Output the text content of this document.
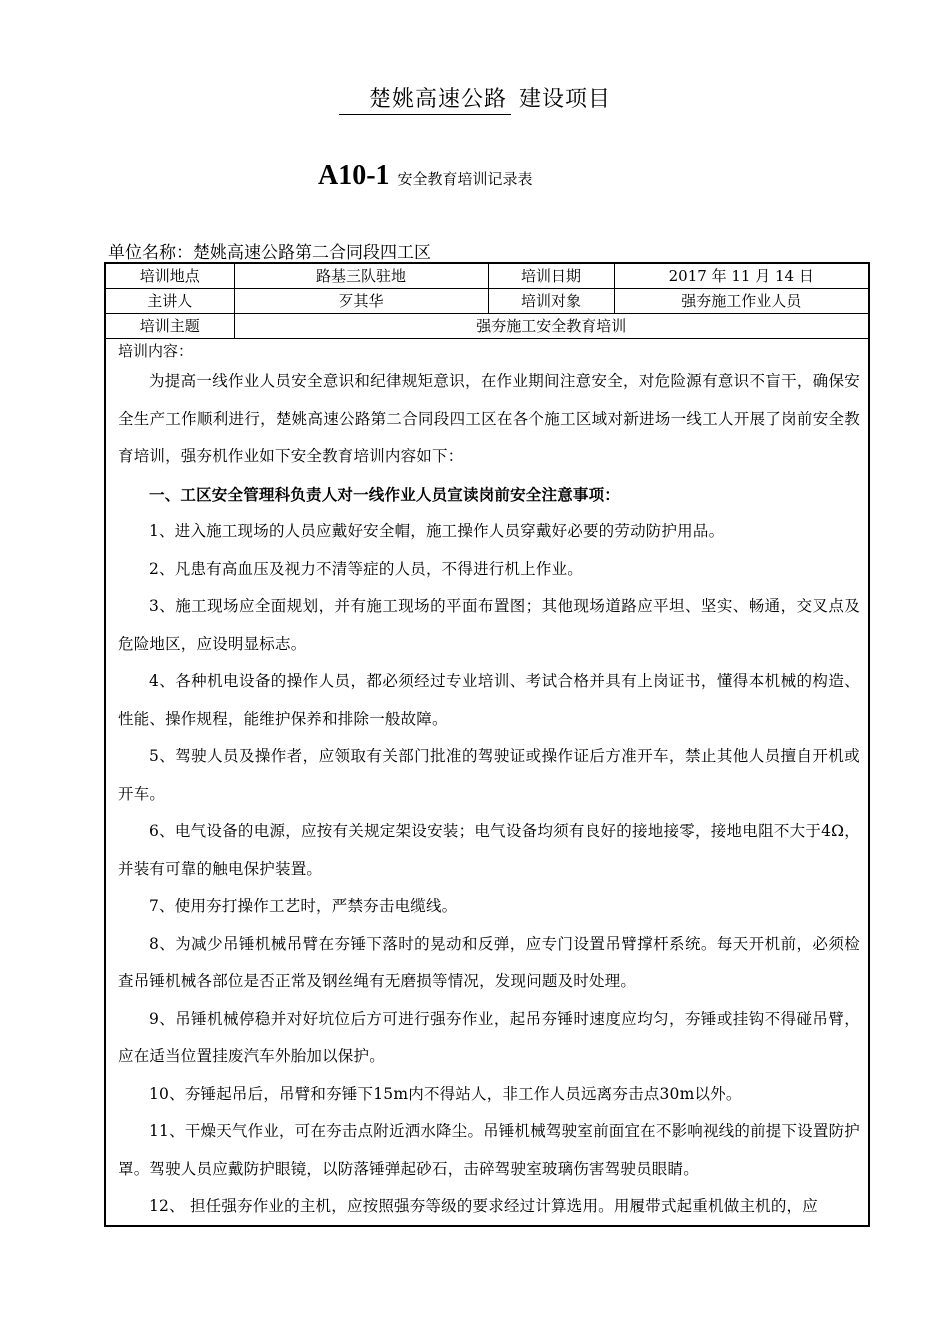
楚姚高速公路 建设项目
A10-1 安全教育培训记录表
单位名称：楚姚高速公路第二合同段四工区
培训地点	路基三队驻地	培训日期	2017 年 11 月 14 日
主讲人	歹其华	培训对象	强夯施工作业人员
培训主题	强夯施工安全教育培训		
培训内容：

为提高一线作业人员安全意识和纪律规矩意识，在作业期间注意安全，对危险源有意识不盲干，确保安全生产工作顺利进行，楚姚高速公路第二合同段四工区在各个施工区域对新进场一线工人开展了岗前安全教育培训，强夯机作业如下安全教育培训内容如下：

一、工区安全管理科负责人对一线作业人员宣读岗前安全注意事项：

1、进入施工现场的人员应戴好安全帽，施工操作人员穿戴好必要的劳动防护用品。

2、凡患有高血压及视力不清等症的人员，不得进行机上作业。

3、施工现场应全面规划，并有施工现场的平面布置图；其他现场道路应平坦、坚实、畅通，交叉点及危险地区，应设明显标志。

4、各种机电设备的操作人员，都必须经过专业培训、考试合格并具有上岗证书，懂得本机械的构造、性能、操作规程，能维护保养和排除一般故障。

5、驾驶人员及操作者，应领取有关部门批准的驾驶证或操作证后方准开车，禁止其他人员擅自开机或开车。

6、电气设备的电源，应按有关规定架设安装；电气设备均须有良好的接地接零，接地电阻不大于4Ω，并装有可靠的触电保护装置。

7、使用夯打操作工艺时，严禁夯击电缆线。

8、为减少吊锤机械吊臂在夯锤下落时的晃动和反弹，应专门设置吊臂撑杆系统。每天开机前，必须检查吊锤机械各部位是否正常及钢丝绳有无磨损等情况，发现问题及时处理。

9、吊锤机械停稳并对好坑位后方可进行强夯作业，起吊夯锤时速度应均匀，夯锤或挂钩不得碰吊臂，应在适当位置挂废汽车外胎加以保护。

10、夯锤起吊后，吊臂和夯锤下15m内不得站人，非工作人员远离夯击点30m以外。

11、干燥天气作业，可在夯击点附近洒水降尘。吊锤机械驾驶室前面宜在不影响视线的前提下设置防护罩。驾驶人员应戴防护眼镜，以防落锤弹起砂石，击碎驾驶室玻璃伤害驾驶员眼睛。

12、 担任强夯作业的主机，应按照强夯等级的要求经过计算选用。用履带式起重机做主机的，应
